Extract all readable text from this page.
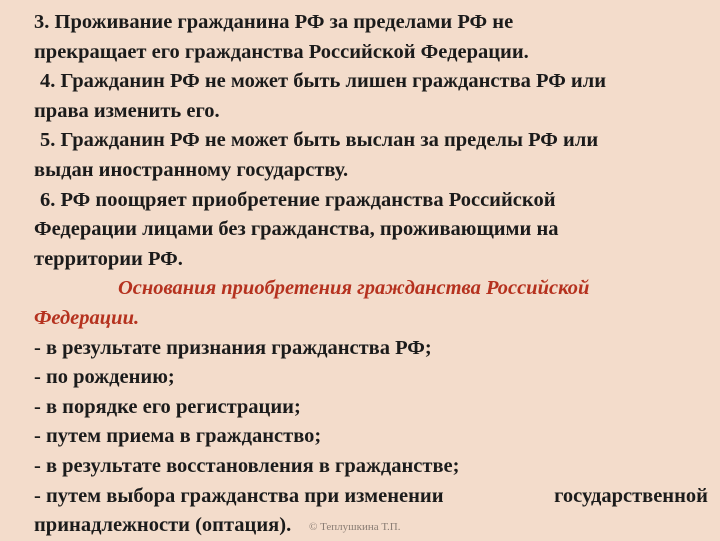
3. Проживание гражданина РФ за пределами РФ не
прекращает его гражданства Российской Федерации.
4. Гражданин РФ не может быть лишен гражданства РФ или
права изменить его.
5. Гражданин РФ не может быть выслан за пределы РФ или
выдан иностранному государству.
6. РФ поощряет приобретение гражданства Российской
Федерации лицами без гражданства, проживающими на
территории РФ.
Основания приобретения гражданства Российской
Федерации.
- в результате признания гражданства РФ;
- по рождению;
- в порядке его регистрации;
- путем приема в гражданство;
- в результате восстановления в гражданстве;
- путем выбора гражданства при изменении	государственной
принадлежности (оптация).	© Теплушкина Т.П.
